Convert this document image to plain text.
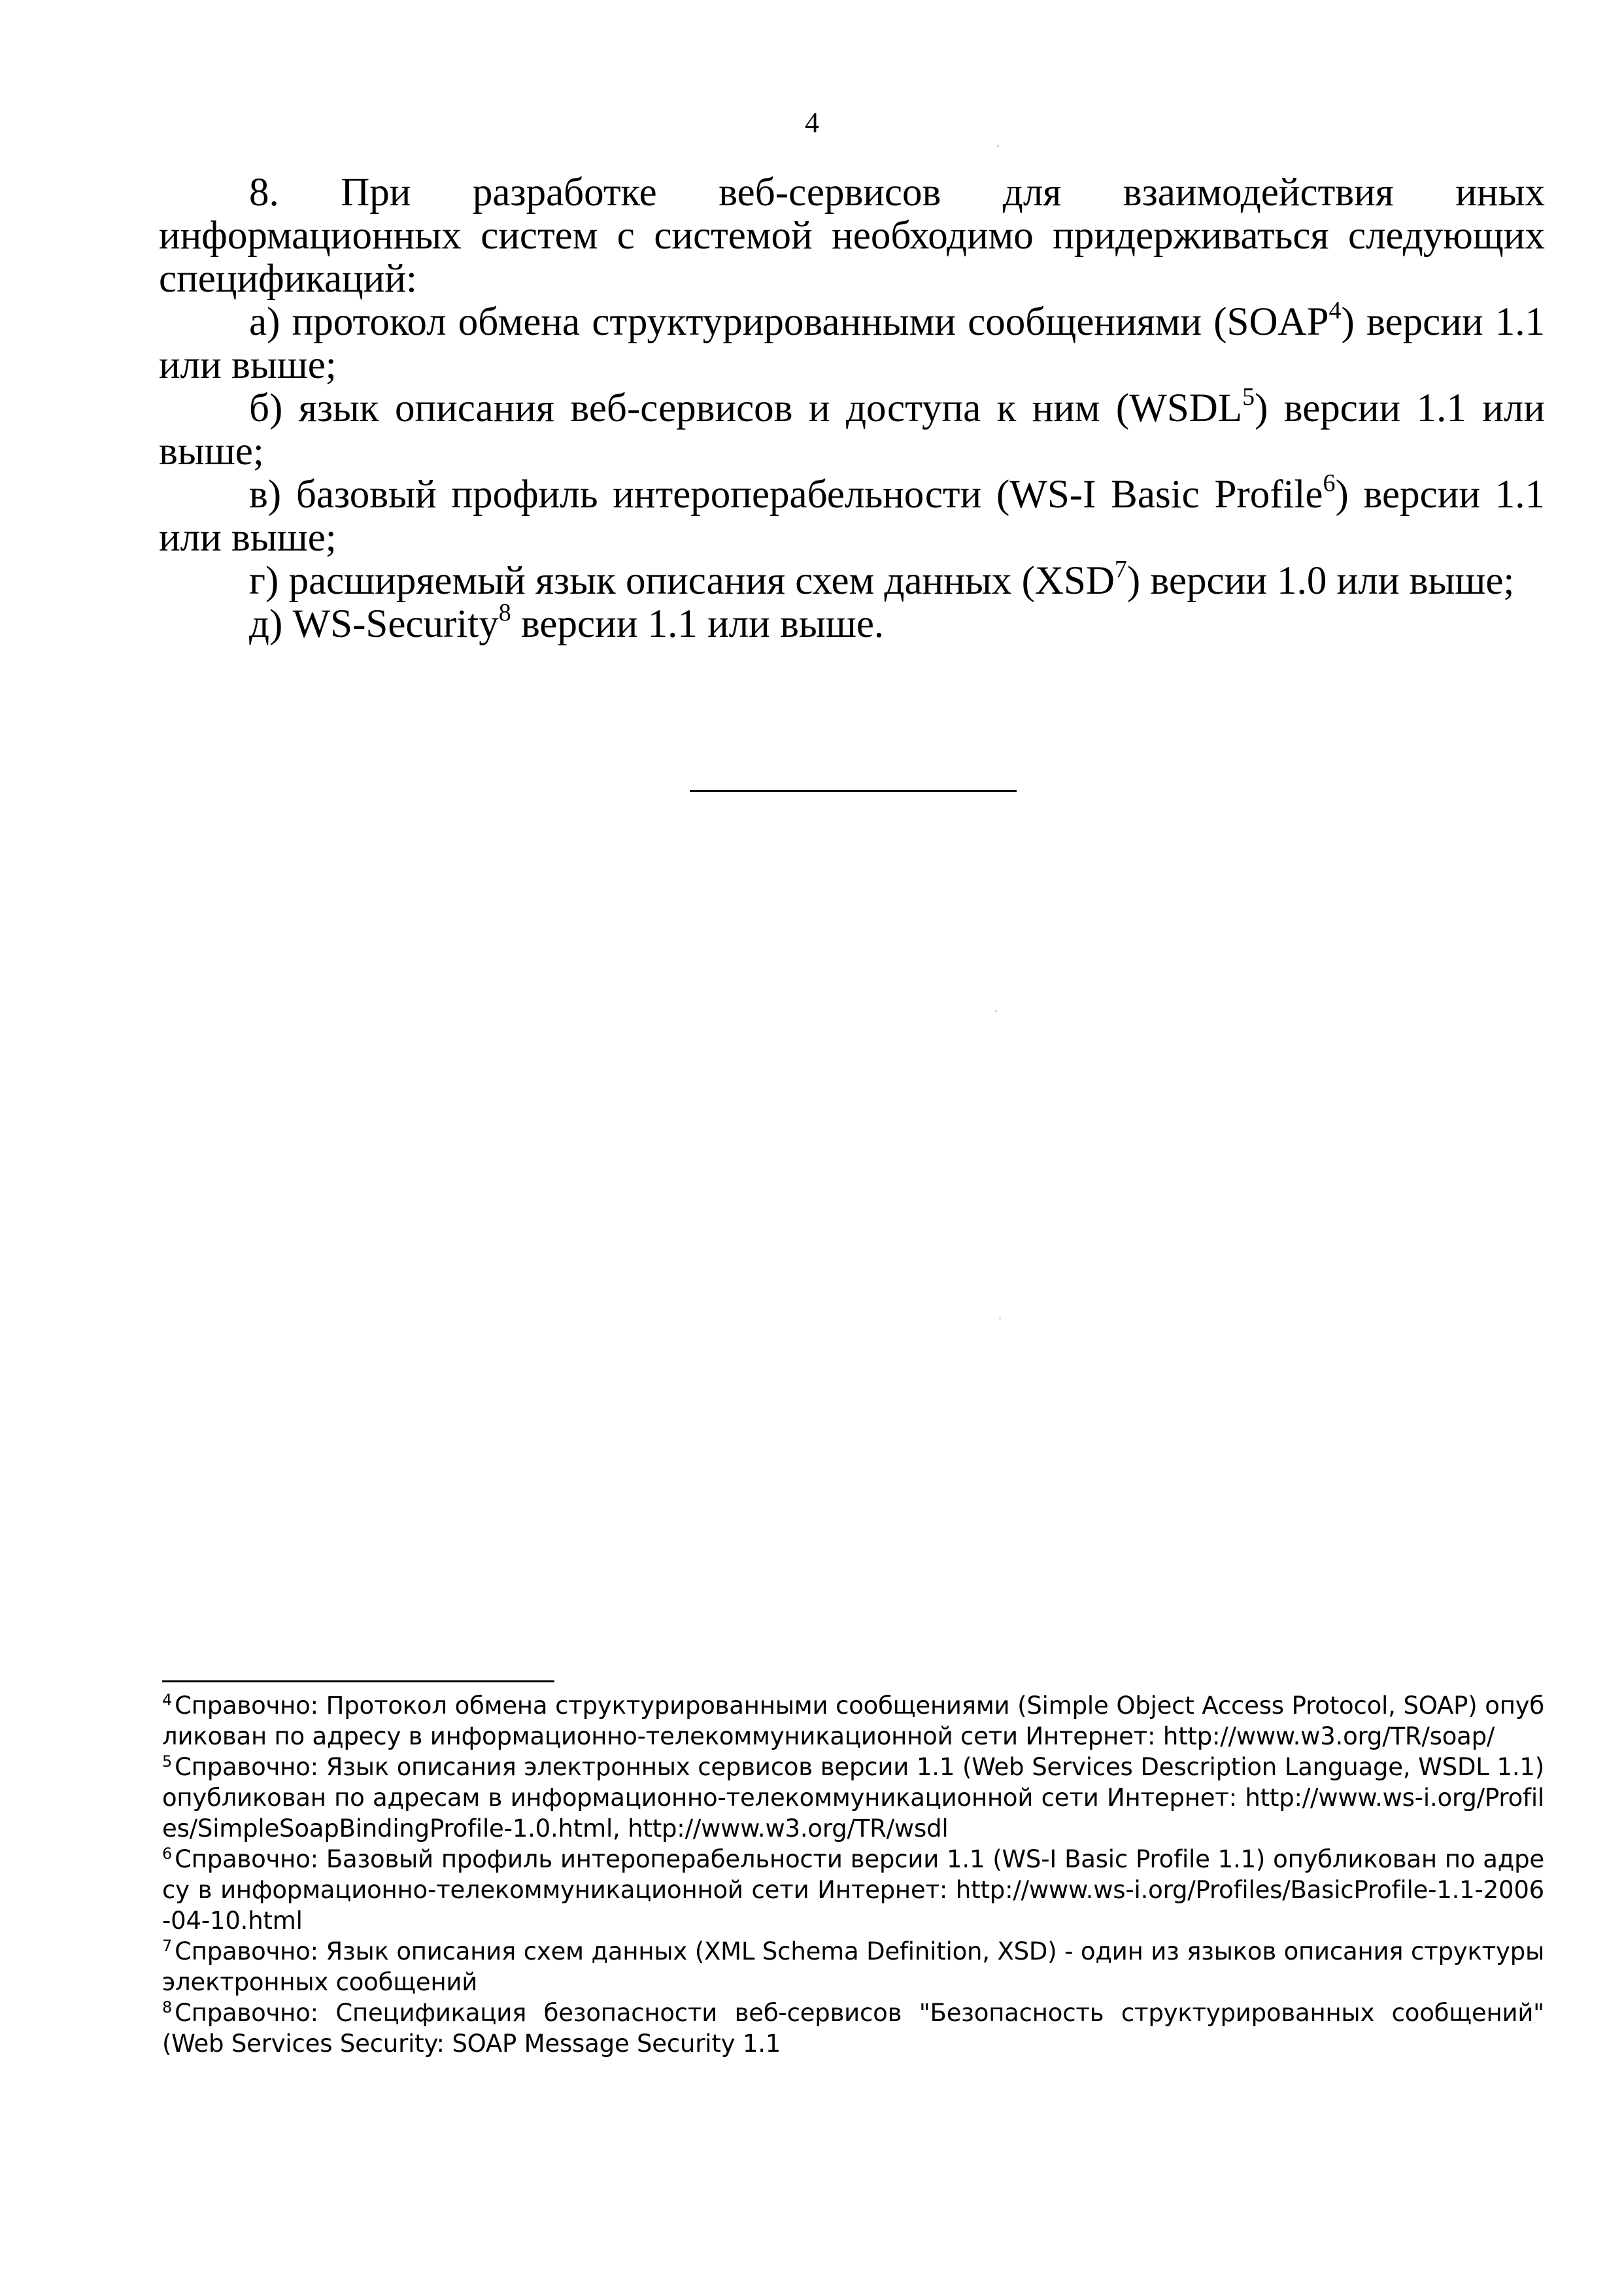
4

8. При разработке веб-сервисов для взаимодействия иных информационных систем с системой необходимо придерживаться следующих спецификаций:

а) протокол обмена структурированными сообщениями (SOAP$^4$) версии 1.1 или выше;

б) язык описания веб-сервисов и доступа к ним (WSDL$^5$) версии 1.1 или выше;

в) базовый профиль интероперабельности (WS-I Basic Profile$^6$) версии 1.1 или выше;

г) расширяемый язык описания схем данных (XSD$^7$) версии 1.0 или выше;

д) WS-Security$^8$ версии 1.1 или выше.

$^4$ Справочно: Протокол обмена структурированными сообщениями (Simple Object Access Protocol, SOAP) опубликован по адресу в информационно-телекоммуникационной сети Интернет: http://www.w3.org/TR/soap/

$^5$ Справочно: Язык описания электронных сервисов версии 1.1 (Web Services Description Language, WSDL 1.1) опубликован по адресам в информационно-телекоммуникационной сети Интернет: http://www.ws-i.org/Profiles/SimpleSoapBindingProfile-1.0.html, http://www.w3.org/TR/wsdl

$^6$ Справочно: Базовый профиль интероперабельности версии 1.1 (WS-I Basic Profile 1.1) опубликован по адресу в информационно-телекоммуникационной сети Интернет: http://www.ws-i.org/Profiles/BasicProfile-1.1-2006-04-10.html

$^7$ Справочно: Язык описания схем данных (XML Schema Definition, XSD) - один из языков описания структуры электронных сообщений

$^8$ Справочно: Спецификация безопасности веб-сервисов "Безопасность структурированных сообщений" (Web Services Security: SOAP Message Security 1.1
